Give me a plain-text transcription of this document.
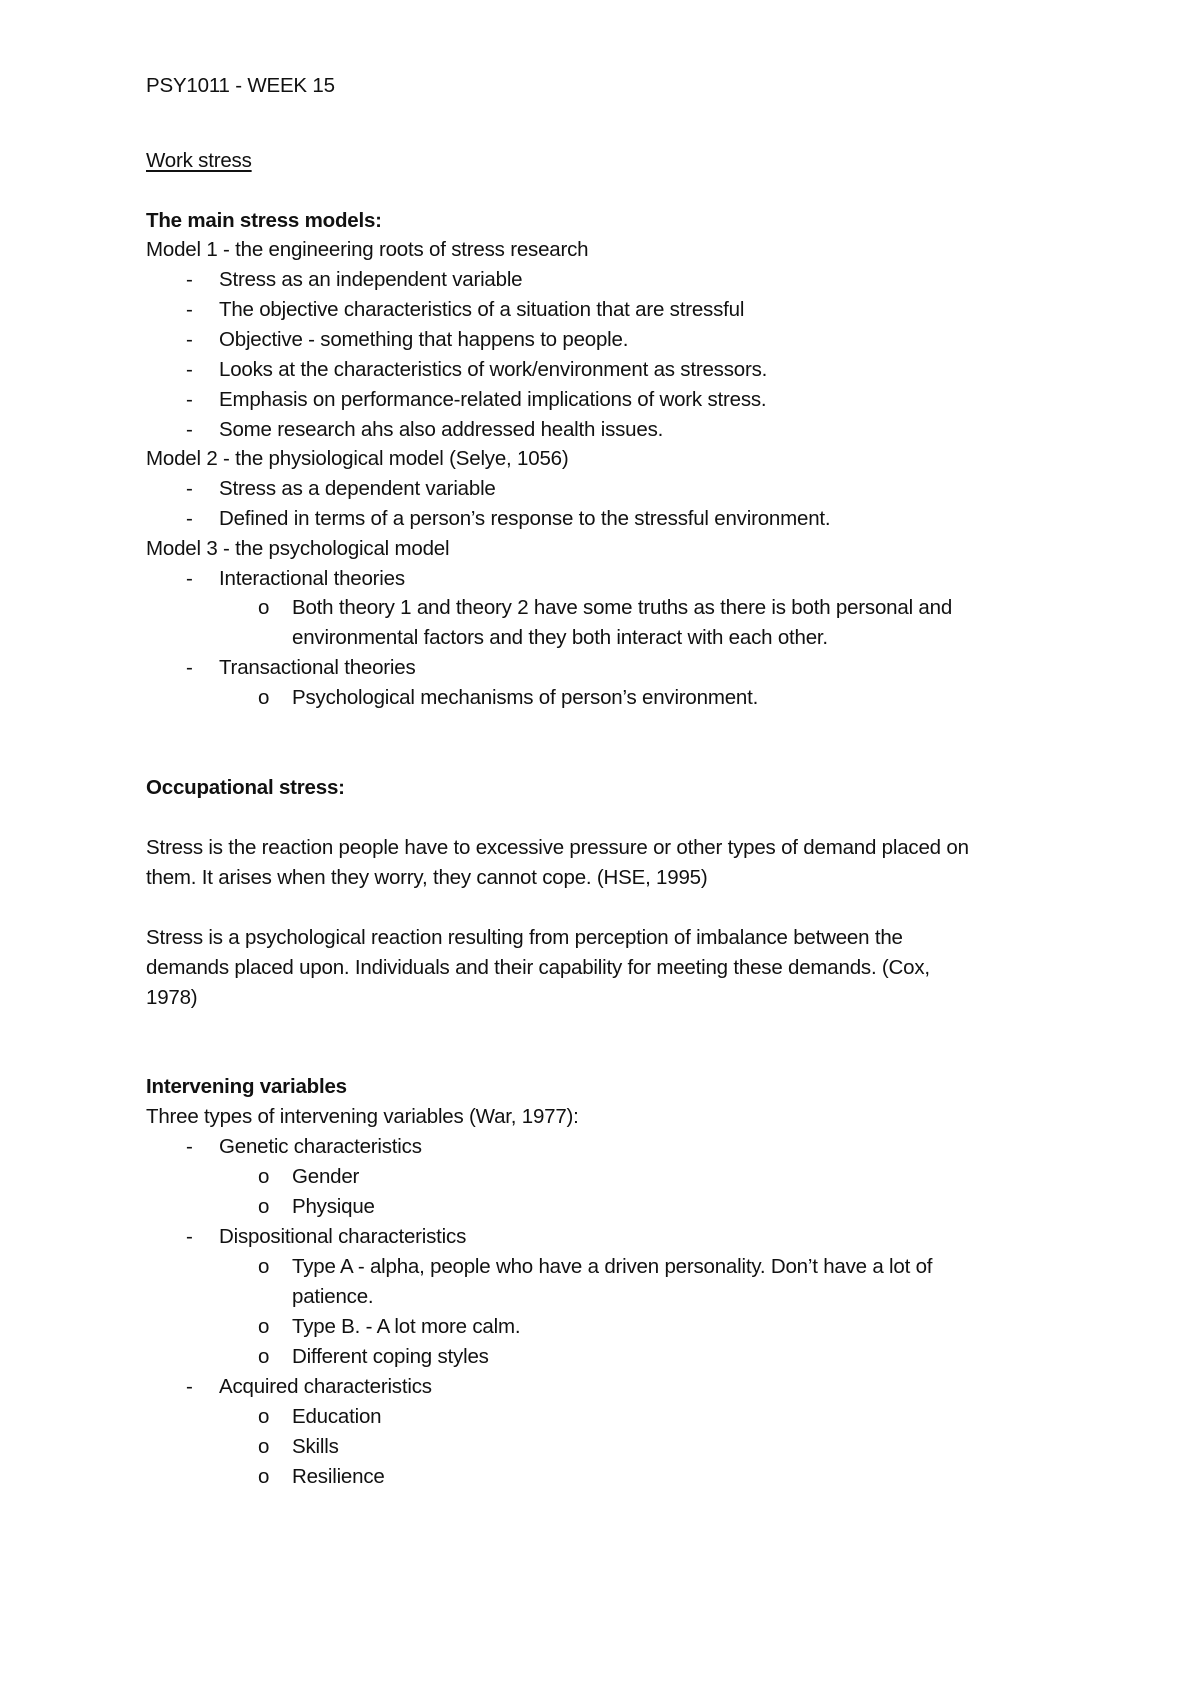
PSY1011 - WEEK 15
Work stress
The main stress models:
Model 1 - the engineering roots of stress research
- Stress as an independent variable
- The objective characteristics of a situation that are stressful
- Objective - something that happens to people.
- Looks at the characteristics of work/environment as stressors.
- Emphasis on performance-related implications of work stress.
- Some research ahs also addressed health issues.
Model 2 - the physiological model (Selye, 1056)
- Stress as a dependent variable
- Defined in terms of a person’s response to the stressful environment.
Model 3 - the psychological model
- Interactional theories
o Both theory 1 and theory 2 have some truths as there is both personal and
environmental factors and they both interact with each other.
- Transactional theories
o Psychological mechanisms of person’s environment.
Occupational stress:
Stress is the reaction people have to excessive pressure or other types of demand placed on
them. It arises when they worry, they cannot cope. (HSE, 1995)
Stress is a psychological reaction resulting from perception of imbalance between the
demands placed upon. Individuals and their capability for meeting these demands. (Cox,
1978)
Intervening variables
Three types of intervening variables (War, 1977):
- Genetic characteristics
o Gender
o Physique
- Dispositional characteristics
o Type A - alpha, people who have a driven personality. Don’t have a lot of
patience.
o Type B. - A lot more calm.
o Different coping styles
- Acquired characteristics
o Education
o Skills
o Resilience
